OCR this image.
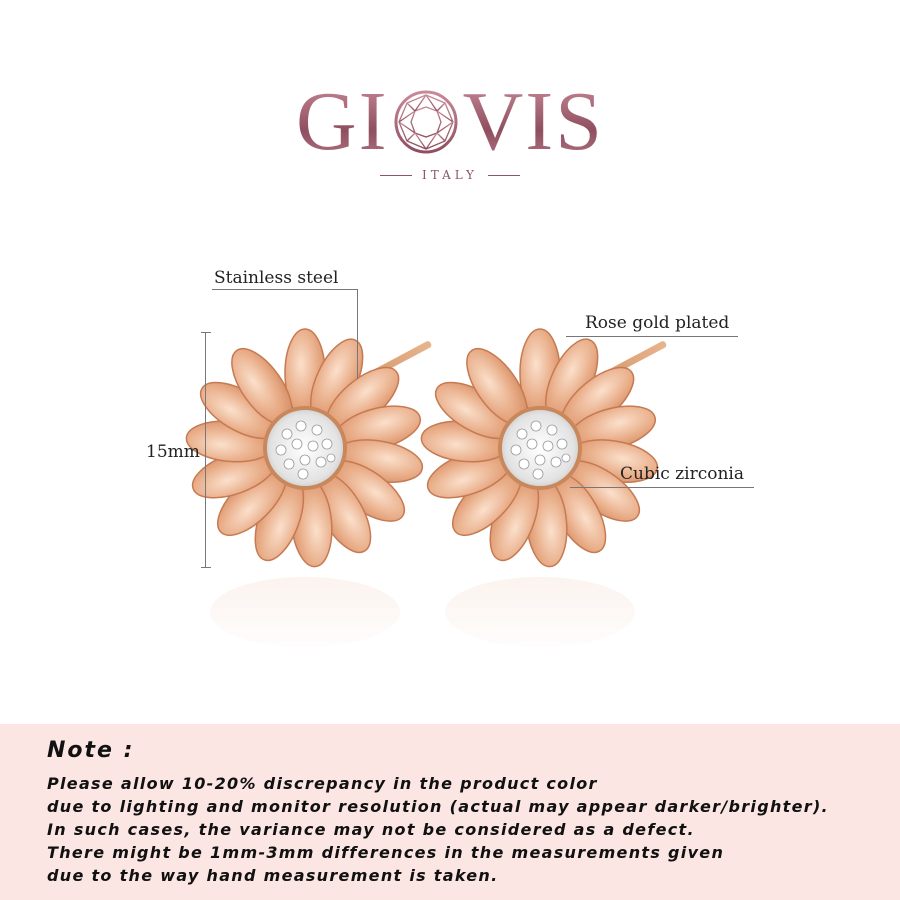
GI VIS
ITALY
15mm
Stainless steel
Rose gold plated
Cubic zirconia
Note :
Please allow 10-20% discrepancy in the product color
due to lighting and monitor resolution (actual may appear darker/brighter).
In such cases, the variance may not be considered as a defect.
There might be 1mm-3mm differences in the measurements given
due to the way hand measurement is taken.
